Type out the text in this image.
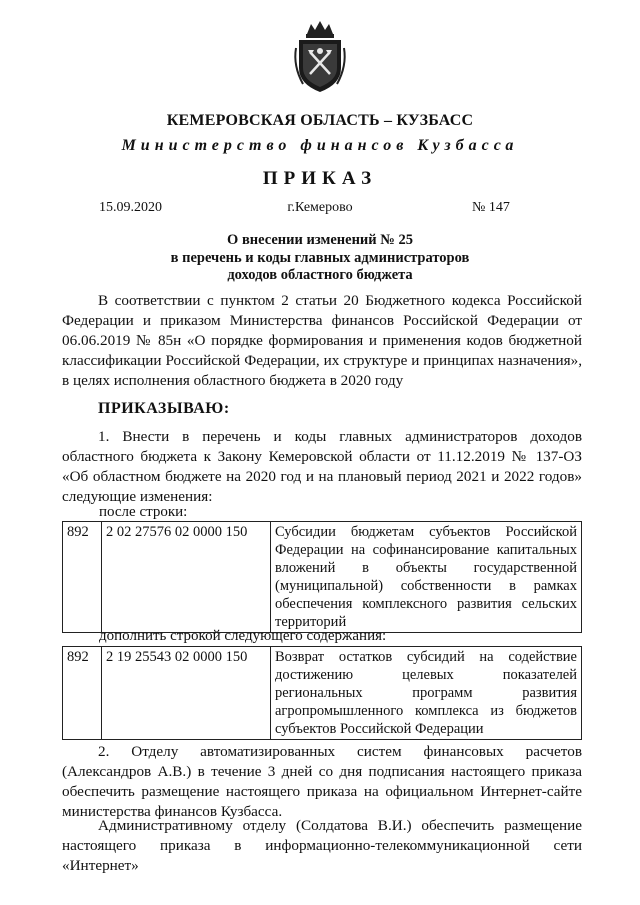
КЕМЕРОВСКАЯ ОБЛАСТЬ – КУЗБАСС
Министерство финансов Кузбасса
ПРИКАЗ
15.09.2020	г.Кемерово	№ 147
О внесении изменений № 25
в перечень и коды главных администраторов
доходов областного бюджета
В соответствии с пунктом 2 статьи 20 Бюджетного кодекса Российской Федерации и приказом Министерства финансов Российской Федерации от 06.06.2019 № 85н «О порядке формирования и применения кодов бюджетной классификации Российской Федерации, их структуре и принципах назначения», в целях исполнения областного бюджета в 2020 году
ПРИКАЗЫВАЮ:
1. Внести в перечень и коды главных администраторов доходов областного бюджета к Закону Кемеровской области от 11.12.2019 № 137-ОЗ «Об областном бюджете на 2020 год и на плановый период 2021 и 2022 годов» следующие изменения:
после строки:
892	2 02 27576 02 0000 150	Субсидии бюджетам субъектов Российской Федерации на софинансирование капитальных вложений в объекты государственной (муниципальной) собственности в рамках обеспечения комплексного развития сельских территорий
дополнить строкой следующего содержания:
892	2 19 25543 02 0000 150	Возврат остатков субсидий на содействие достижению целевых показателей региональных программ развития агропромышленного комплекса из бюджетов субъектов Российской Федерации
2. Отделу автоматизированных систем финансовых расчетов (Александров А.В.) в течение 3 дней со дня подписания настоящего приказа обеспечить размещение настоящего приказа на официальном Интернет-сайте министерства финансов Кузбасса.
Административному отделу (Солдатова В.И.) обеспечить размещение настоящего приказа в информационно-телекоммуникационной сети «Интернет»
